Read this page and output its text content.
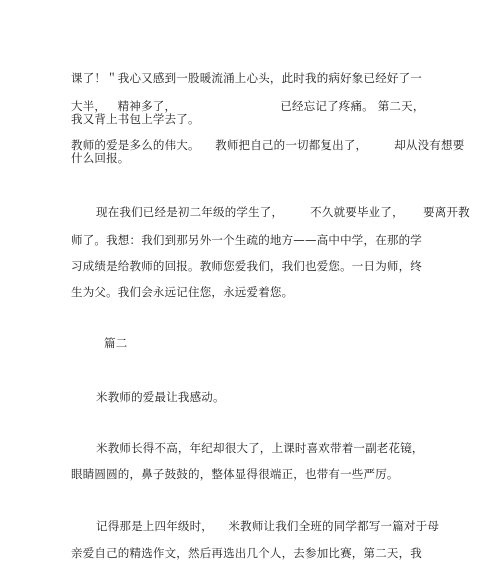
课了！＂我心又感到一股暖流涌上心头，此时我的病好象已经好了一
大半，   精神多了，                           已经忘记了疼痛。 第二天，
我又背上书包上学去了。
教师的爱是多么的伟大。    教师把自己的一切都复出了，       却从没有想要
什么回报。
现在我们已经是初二年级的学生了，       不久就要毕业了，     要离开教
师了。我想：我们到那另外一个生疏的地方——高中中学，在那的学
习成绩是给教师的回报。教师您爱我们，我们也爱您。一日为师，终
生为父。我们会永远记住您，永远爱着您。
篇二
米教师的爱最让我感动。
米教师长得不高，年纪却很大了，上课时喜欢带着一副老花镜，
眼睛圆圆的，鼻子鼓鼓的，整体显得很端正，也带有一些严厉。
记得那是上四年级时，    米教师让我们全班的同学都写一篇对于母
亲爱自己的精选作文，然后再选出几个人，去参加比赛，第二天，我
